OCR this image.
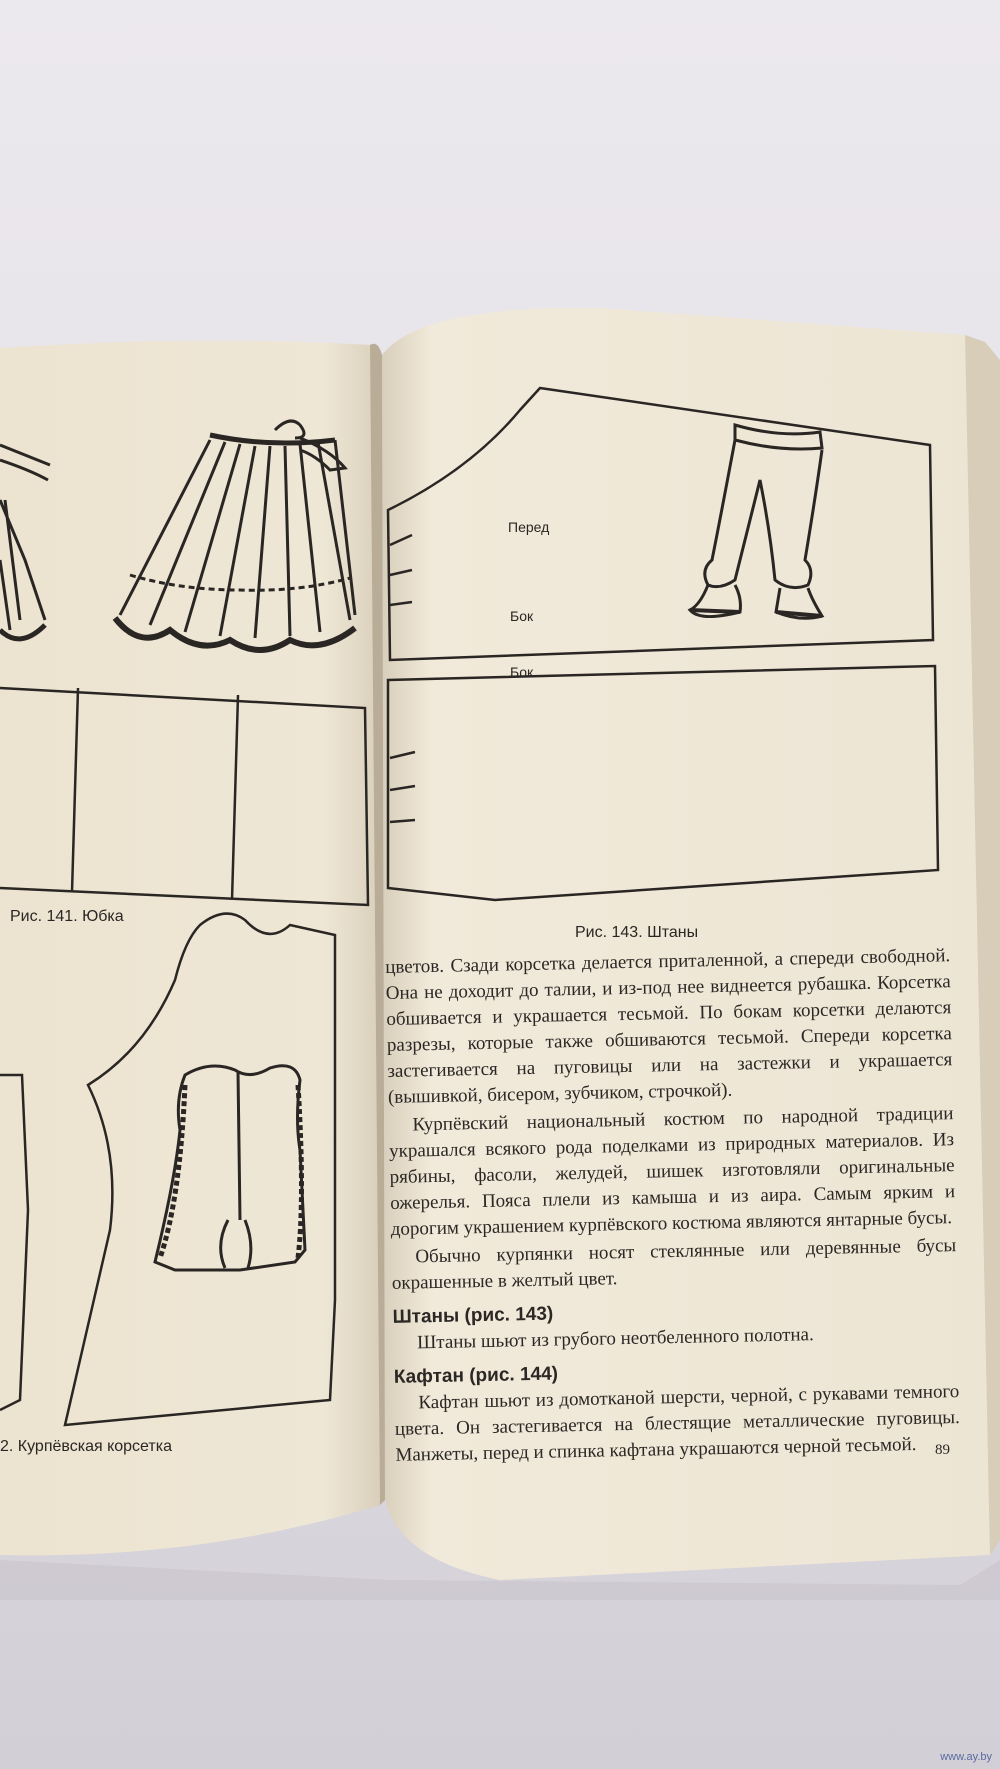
Рис. 141. Юбка
2. Курпёвская корсетка
Перед
Бок
Бок
Рис. 143. Штаны

цветов. Сзади корсетка делается приталенной, а спереди свободной. Она не доходит до талии, и из-под нее виднеется рубашка. Корсетка обшивается и украшается тесьмой. По бокам корсетки делаются разрезы, которые также обшиваются тесьмой. Спереди корсетка застегивается на пуговицы или на застежки и украшается (вышивкой, бисером, зубчиком, строчкой).

Курпёвский национальный костюм по народной традиции украшался всякого рода поделками из природных материалов. Из рябины, фасоли, желудей, шишек изготовляли оригинальные ожерелья. Пояса плели из камыша и из аира. Самым ярким и дорогим украшением курпёвского костюма являются янтарные бусы.

Обычно курпянки носят стеклянные или деревянные бусы окрашенные в желтый цвет.

Штаны (рис. 143)

Штаны шьют из грубого неотбеленного полотна.

Кафтан (рис. 144)

Кафтан шьют из домотканой шерсти, черной, с рукавами темного цвета. Он застегивается на блестящие металлические пуговицы. Манжеты, перед и спинка кафтана украшаются черной тесьмой.	89
www.ay.by
